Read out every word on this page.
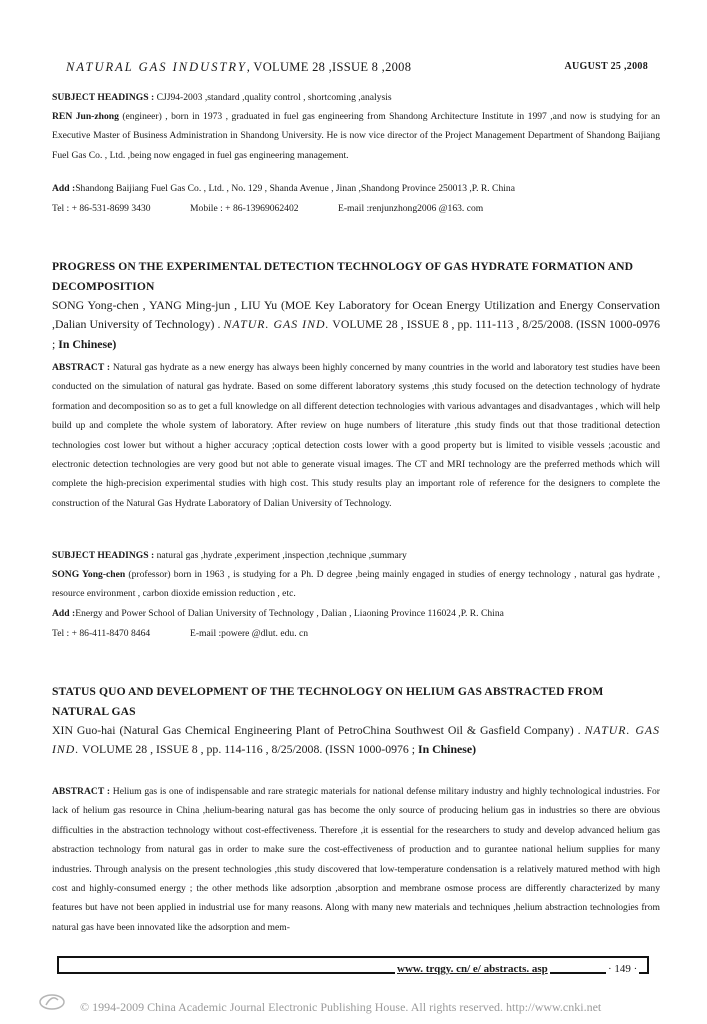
NATURAL GAS INDUSTRY, VOLUME 28 ,ISSUE 8 ,2008	AUGUST 25 ,2008
SUBJECT HEADINGS : CJJ94-2003 ,standard ,quality control , shortcoming ,analysis
REN Jun-zhong (engineer) , born in 1973 , graduated in fuel gas engineering from Shandong Architecture Institute in 1997 ,and now is studying for an Executive Master of Business Administration in Shandong University. He is now vice director of the Project Management Department of Shandong Baijiang Fuel Gas Co. , Ltd. ,being now engaged in fuel gas engineering management.
Add :Shandong Baijiang Fuel Gas Co. , Ltd. , No. 129 , Shanda Avenue , Jinan ,Shandong Province 250013 ,P. R. China
Tel : + 86-531-8699 3430	Mobile : + 86-13969062402	E-mail :renjunzhong2006 @163. com
PROGRESS ON THE EXPERIMENTAL DETECTION TECHNOLOGY OF GAS HYDRATE FORMATION AND DECOMPOSITION
SONG Yong-chen , YANG Ming-jun , LIU Yu (MOE Key Laboratory for Ocean Energy Utilization and Energy Conservation ,Dalian University of Technology) . NATUR. GAS IND. VOLUME 28 , ISSUE 8 , pp. 111-113 , 8/25/2008. (ISSN 1000-0976 ; In Chinese)
ABSTRACT : Natural gas hydrate as a new energy has always been highly concerned by many countries in the world and laboratory test studies have been conducted on the simulation of natural gas hydrate. Based on some different laboratory systems ,this study focused on the detection technology of hydrate formation and decomposition so as to get a full knowledge on all different detection technologies with various advantages and disadvantages , which will help build up and complete the whole system of laboratory. After review on huge numbers of literature ,this study finds out that those traditional detection technologies cost lower but without a higher accuracy ;optical detection costs lower with a good property but is limited to visible vessels ;acoustic and electronic detection technologies are very good but not able to generate visual images. The CT and MRI technology are the preferred methods which will complete the high-precision experimental studies with high cost. This study results play an important role of reference for the designers to complete the construction of the Natural Gas Hydrate Laboratory of Dalian University of Technology.
SUBJECT HEADINGS : natural gas ,hydrate ,experiment ,inspection ,technique ,summary
SONG Yong-chen (professor) born in 1963 , is studying for a Ph. D degree ,being mainly engaged in studies of energy technology , natural gas hydrate , resource environment , carbon dioxide emission reduction , etc.
Add :Energy and Power School of Dalian University of Technology , Dalian , Liaoning Province 116024 ,P. R. China
Tel : + 86-411-8470 8464	E-mail :powere @dlut. edu. cn
STATUS QUO AND DEVELOPMENT OF THE TECHNOLOGY ON HELIUM GAS ABSTRACTED FROM NATURAL GAS
XIN Guo-hai (Natural Gas Chemical Engineering Plant of PetroChina Southwest Oil & Gasfield Company) . NATUR. GAS IND. VOLUME 28 , ISSUE 8 , pp. 114-116 , 8/25/2008. (ISSN 1000-0976 ; In Chinese)
ABSTRACT : Helium gas is one of indispensable and rare strategic materials for national defense military industry and highly technological industries. For lack of helium gas resource in China ,helium-bearing natural gas has become the only source of producing helium gas in industries so there are obvious difficulties in the abstraction technology without cost-effectiveness. Therefore ,it is essential for the researchers to study and develop advanced helium gas abstraction technology from natural gas in order to make sure the cost-effectiveness of production and to gurantee national helium supplies for many industries. Through analysis on the present technologies ,this study discovered that low-temperature condensation is a relatively matured method with high cost and highly-consumed energy ; the other methods like adsorption ,absorption and membrane osmose process are differently characterized by many features but have not been applied in industrial use for many reasons. Along with many new materials and techniques ,helium abstraction technologies from natural gas have been innovated like the adsorption and mem-
www. trqgy. cn/ e/ abstracts. asp	· 149 ·
© 1994-2009 China Academic Journal Electronic Publishing House. All rights reserved. http://www.cnki.net
